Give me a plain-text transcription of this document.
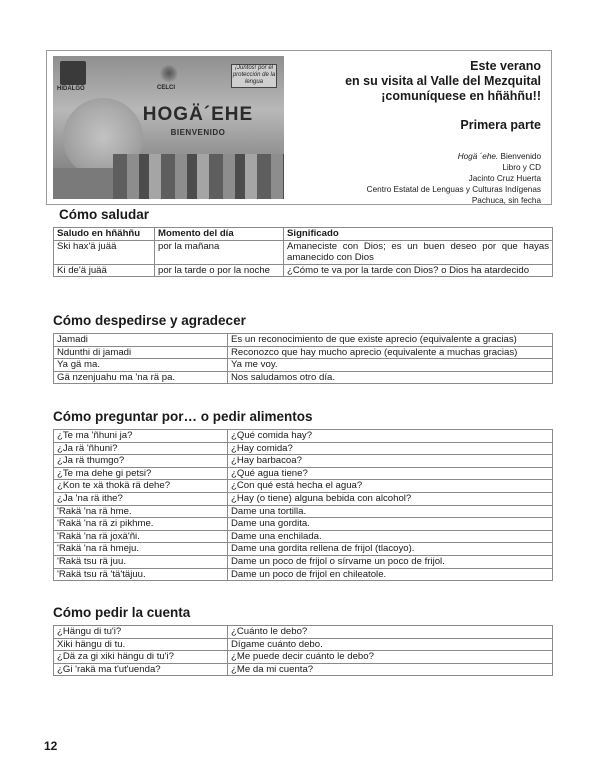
HIDALGO	CELCI
¡Juntos! por el protección de la lengua
HOGÄ´EHE
BIENVENIDO
Este verano
en su visita al Valle del Mezquital
¡comuníquese en hñähñu!!
Primera parte
Hogä ´ehe. Bienvenido
Libro y CD
Jacinto Cruz Huerta
Centro Estatal de Lenguas y Culturas Indígenas
Pachuca, sin fecha
Cómo saludar
Saludo en hñähñu	Momento del día	Significado
Ski hax'ä juää	por la mañana	Amaneciste con Dios; es un buen deseo por que hayas amanecido con Dios
Ki de'ä juää	por la tarde o por la noche	¿Cómo te va por la tarde con Dios? o Dios ha atardecido
Cómo despedirse y agradecer
Jamadi	Es un reconocimiento de que existe aprecio (equivalente a gracias)
Ndunthi di jamadi	Reconozco que hay mucho aprecio (equivalente a muchas gracias)
Ya gä ma.	Ya me voy.
Gä nzenjuahu ma 'na rä pa.	Nos saludamos otro día.
Cómo preguntar por… o pedir alimentos
¿Te ma 'ñhuni ja?	¿Qué comida hay?
¿Ja rä 'ñhuni?	¿Hay comida?
¿Ja rä thumgo?	¿Hay barbacoa?
¿Te ma dehe gi petsi?	¿Qué agua tiene?
¿Kon te xä thokä rä dehe?	¿Con qué está hecha el agua?
¿Ja 'na rä ithe?	¿Hay (o tiene) alguna bebida con alcohol?
'Rakä 'na rä hme.	Dame una tortilla.
'Rakä 'na rä zi pikhme.	Dame una gordita.
'Rakä 'na rä joxä'ñi.	Dame una enchilada.
'Rakä 'na rä hmeju.	Dame una gordita rellena de frijol (tlacoyo).
'Rakä tsu rä juu.	Dame un poco de frijol o sírvame un poco de frijol.
'Rakä tsu rä 'tä'täjuu.	Dame un poco de frijol en chileatole.
Cómo pedir la cuenta
¿Hängu di tu'i?	¿Cuánto le debo?
Xiki hängu di tu.	Dígame cuánto debo.
¿Dä za gi xiki hängu di tu'i?	¿Me puede decir cuánto le debo?
¿Gi 'rakä ma t'ut'uenda?	¿Me da mi cuenta?
12
